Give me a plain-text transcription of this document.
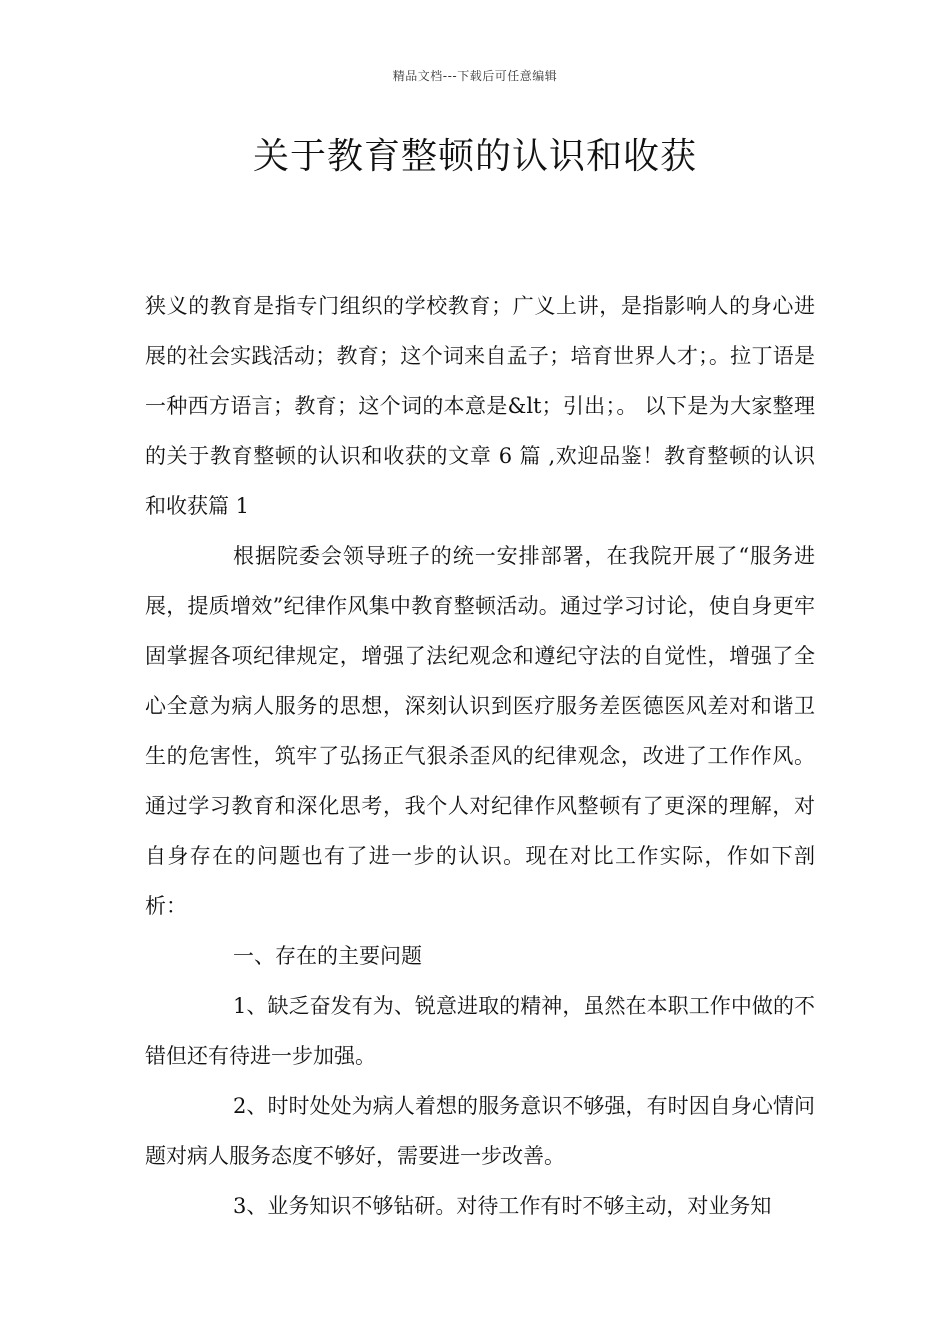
精品文档---下载后可任意编辑
关于教育整顿的认识和收获

狭义的教育是指专门组织的学校教育；广义上讲，是指影响人的身心进展的社会实践活动；教育；这个词来自孟子；培育世界人才；。拉丁语是一种西方语言；教育；这个词的本意是&lt；引出；。 以下是为大家整理的关于教育整顿的认识和收获的文章 6 篇 ,欢迎品鉴！教育整顿的认识和收获篇 1

根据院委会领导班子的统一安排部署，在我院开展了“服务进展，提质增效”纪律作风集中教育整顿活动。通过学习讨论，使自身更牢固掌握各项纪律规定，增强了法纪观念和遵纪守法的自觉性，增强了全心全意为病人服务的思想，深刻认识到医疗服务差医德医风差对和谐卫生的危害性，筑牢了弘扬正气狠杀歪风的纪律观念，改进了工作作风。通过学习教育和深化思考，我个人对纪律作风整顿有了更深的理解，对自身存在的问题也有了进一步的认识。现在对比工作实际，作如下剖析：

一、存在的主要问题

1、缺乏奋发有为、锐意进取的精神，虽然在本职工作中做的不错但还有待进一步加强。

2、时时处处为病人着想的服务意识不够强，有时因自身心情问题对病人服务态度不够好，需要进一步改善。

3、业务知识不够钻研。对待工作有时不够主动，对业务知
